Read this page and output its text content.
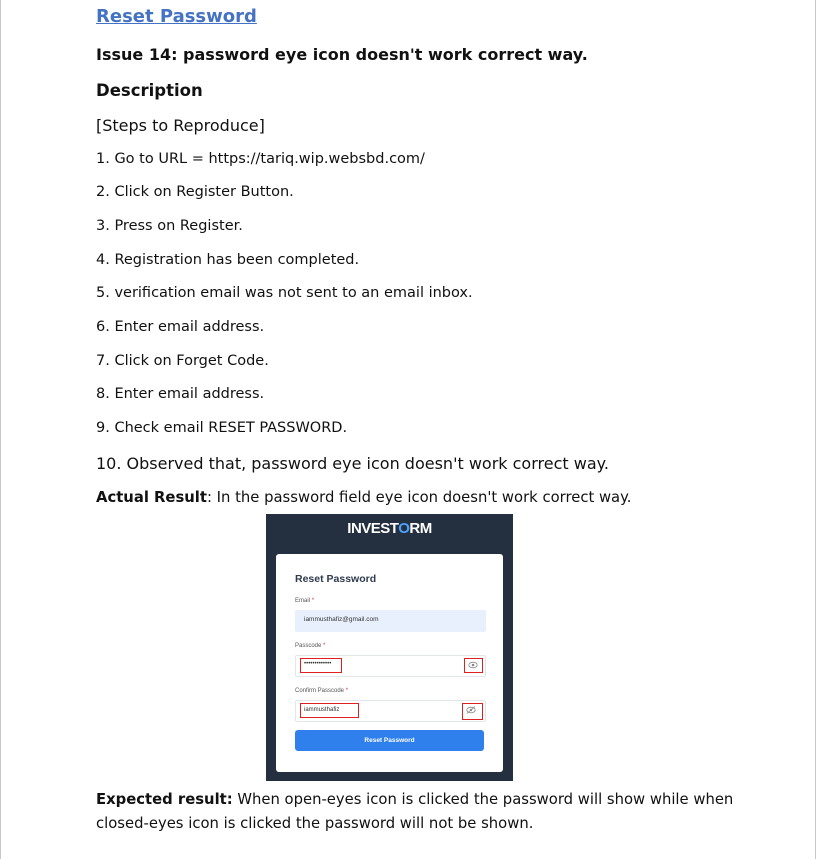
Reset Password
Issue 14: password eye icon doesn't work correct way.
Description
[Steps to Reproduce]
1. Go to URL = https://tariq.wip.websbd.com/
2. Click on Register Button.
3. Press on Register.
4. Registration has been completed.
5. verification email was not sent to an email inbox.
6. Enter email address.
7. Click on Forget Code.
8. Enter email address.
9. Check email RESET PASSWORD.
10. Observed that, password eye icon doesn't work correct way.
Actual Result: In the password field eye icon doesn't work correct way.
Expected result: When open-eyes icon is clicked the password will show while when closed-eyes icon is clicked the password will not be shown.
INVESTORM
Reset Password
Email *
iammusthafiz@gmail.com
Passcode *
•••••••••••••
Confirm Passcode *
iammusthafiz
Reset Password
